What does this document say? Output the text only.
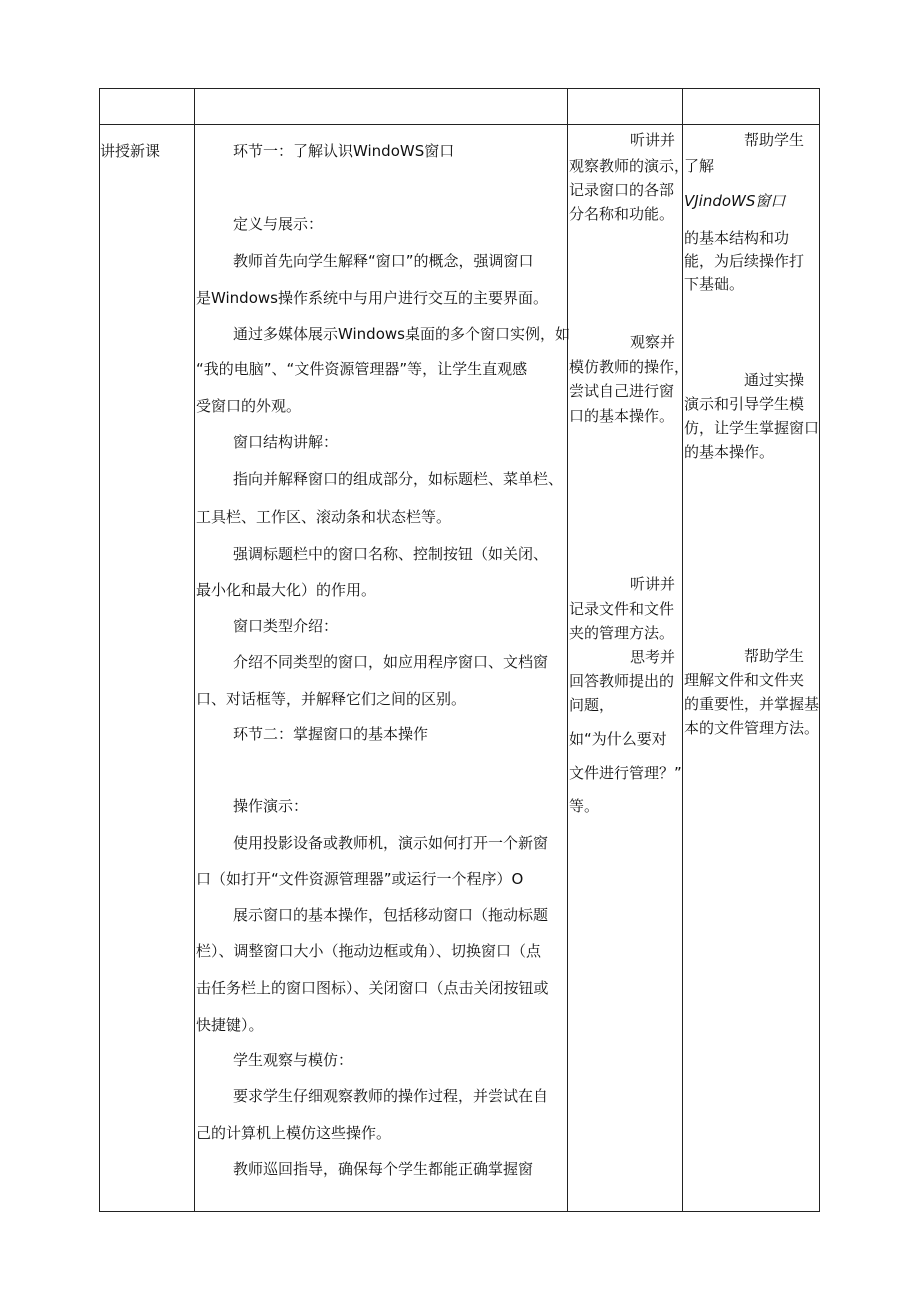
讲授新课	环节一：了解认识WindoWS窗口
定义与展示：
教师首先向学生解释“窗口”的概念，强调窗口
是Windows操作系统中与用户进行交互的主要界面。
通过多媒体展示Windows桌面的多个窗口实例，如
“我的电脑”、“文件资源管理器”等，让学生直观感
受窗口的外观。
窗口结构讲解：
指向并解释窗口的组成部分，如标题栏、菜单栏、
工具栏、工作区、滚动条和状态栏等。
强调标题栏中的窗口名称、控制按钮（如关闭、
最小化和最大化）的作用。
窗口类型介绍：
介绍不同类型的窗口，如应用程序窗口、文档窗
口、对话框等，并解释它们之间的区别。
环节二：掌握窗口的基本操作
操作演示：
使用投影设备或教师机，演示如何打开一个新窗
口（如打开“文件资源管理器”或运行一个程序）O
展示窗口的基本操作，包括移动窗口（拖动标题
栏）、调整窗口大小（拖动边框或角）、切换窗口（点
击任务栏上的窗口图标）、关闭窗口（点击关闭按钮或
快捷键）。
学生观察与模仿：
要求学生仔细观察教师的操作过程，并尝试在自
己的计算机上模仿这些操作。
教师巡回指导，确保每个学生都能正确掌握窗
听讲并
观察教师的演示，
记录窗口的各部
分名称和功能。
观察并
模仿教师的操作，
尝试自己进行窗
口的基本操作。
听讲并
记录文件和文件
夹的管理方法。
思考并
回答教师提出的
问题，
如“为什么要对
文件进行管理？”
等。
帮助学生
了解
VJindoWS窗口
的基本结构和功
能，为后续操作打
下基础。
通过实操
演示和引导学生模
仿，让学生掌握窗口
的基本操作。
帮助学生
理解文件和文件夹
的重要性，并掌握基
本的文件管理方法。
